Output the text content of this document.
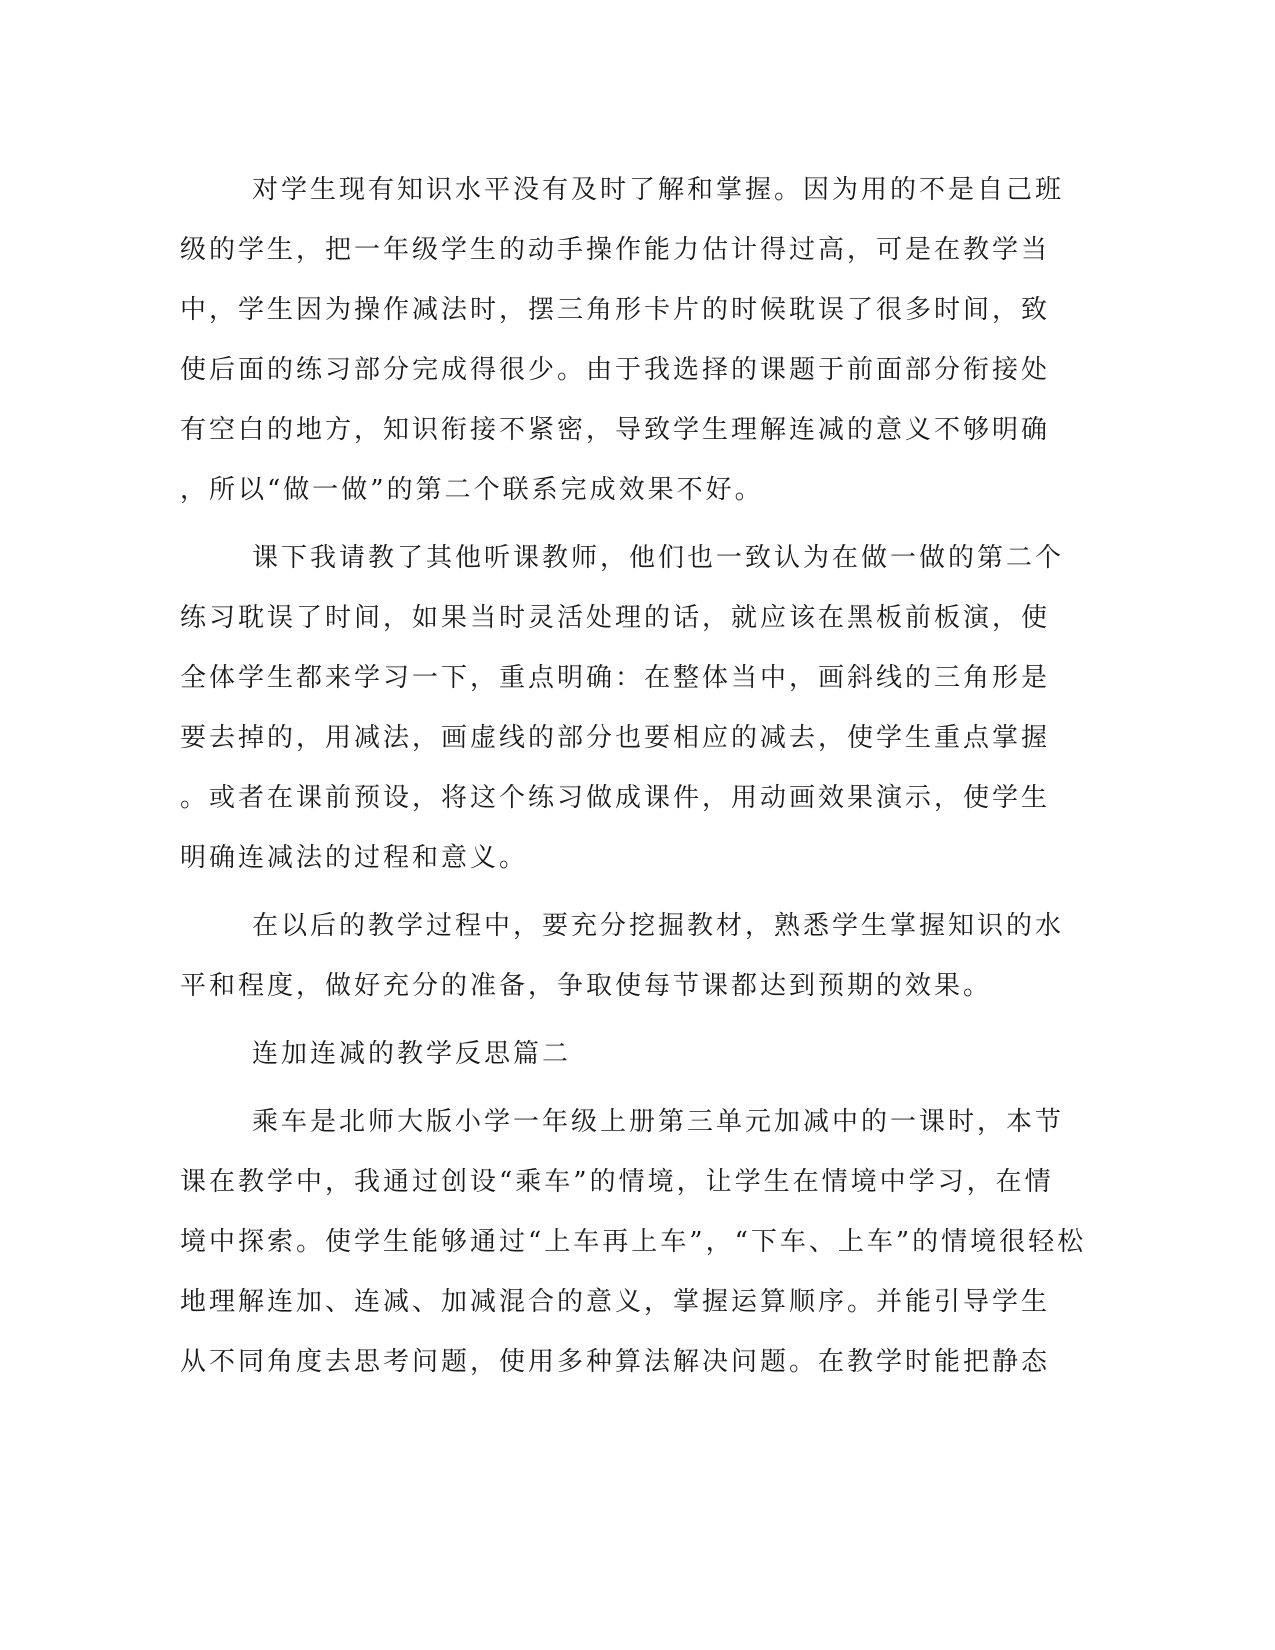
对学生现有知识水平没有及时了解和掌握。因为用的不是自己班
级的学生，把一年级学生的动手操作能力估计得过高，可是在教学当
中，学生因为操作减法时，摆三角形卡片的时候耽误了很多时间，致
使后面的练习部分完成得很少。由于我选择的课题于前面部分衔接处
有空白的地方，知识衔接不紧密，导致学生理解连减的意义不够明确
，所以“做一做”的第二个联系完成效果不好。

课下我请教了其他听课教师，他们也一致认为在做一做的第二个
练习耽误了时间，如果当时灵活处理的话，就应该在黑板前板演，使
全体学生都来学习一下，重点明确：在整体当中，画斜线的三角形是
要去掉的，用减法，画虚线的部分也要相应的减去，使学生重点掌握
。或者在课前预设，将这个练习做成课件，用动画效果演示，使学生
明确连减法的过程和意义。

在以后的教学过程中，要充分挖掘教材，熟悉学生掌握知识的水
平和程度，做好充分的准备，争取使每节课都达到预期的效果。

连加连减的教学反思篇二

乘车是北师大版小学一年级上册第三单元加减中的一课时，本节
课在教学中，我通过创设“乘车”的情境，让学生在情境中学习，在情
境中探索。使学生能够通过“上车再上车”，“下车、上车”的情境很轻松
地理解连加、连减、加减混合的意义，掌握运算顺序。并能引导学生
从不同角度去思考问题，使用多种算法解决问题。在教学时能把静态
